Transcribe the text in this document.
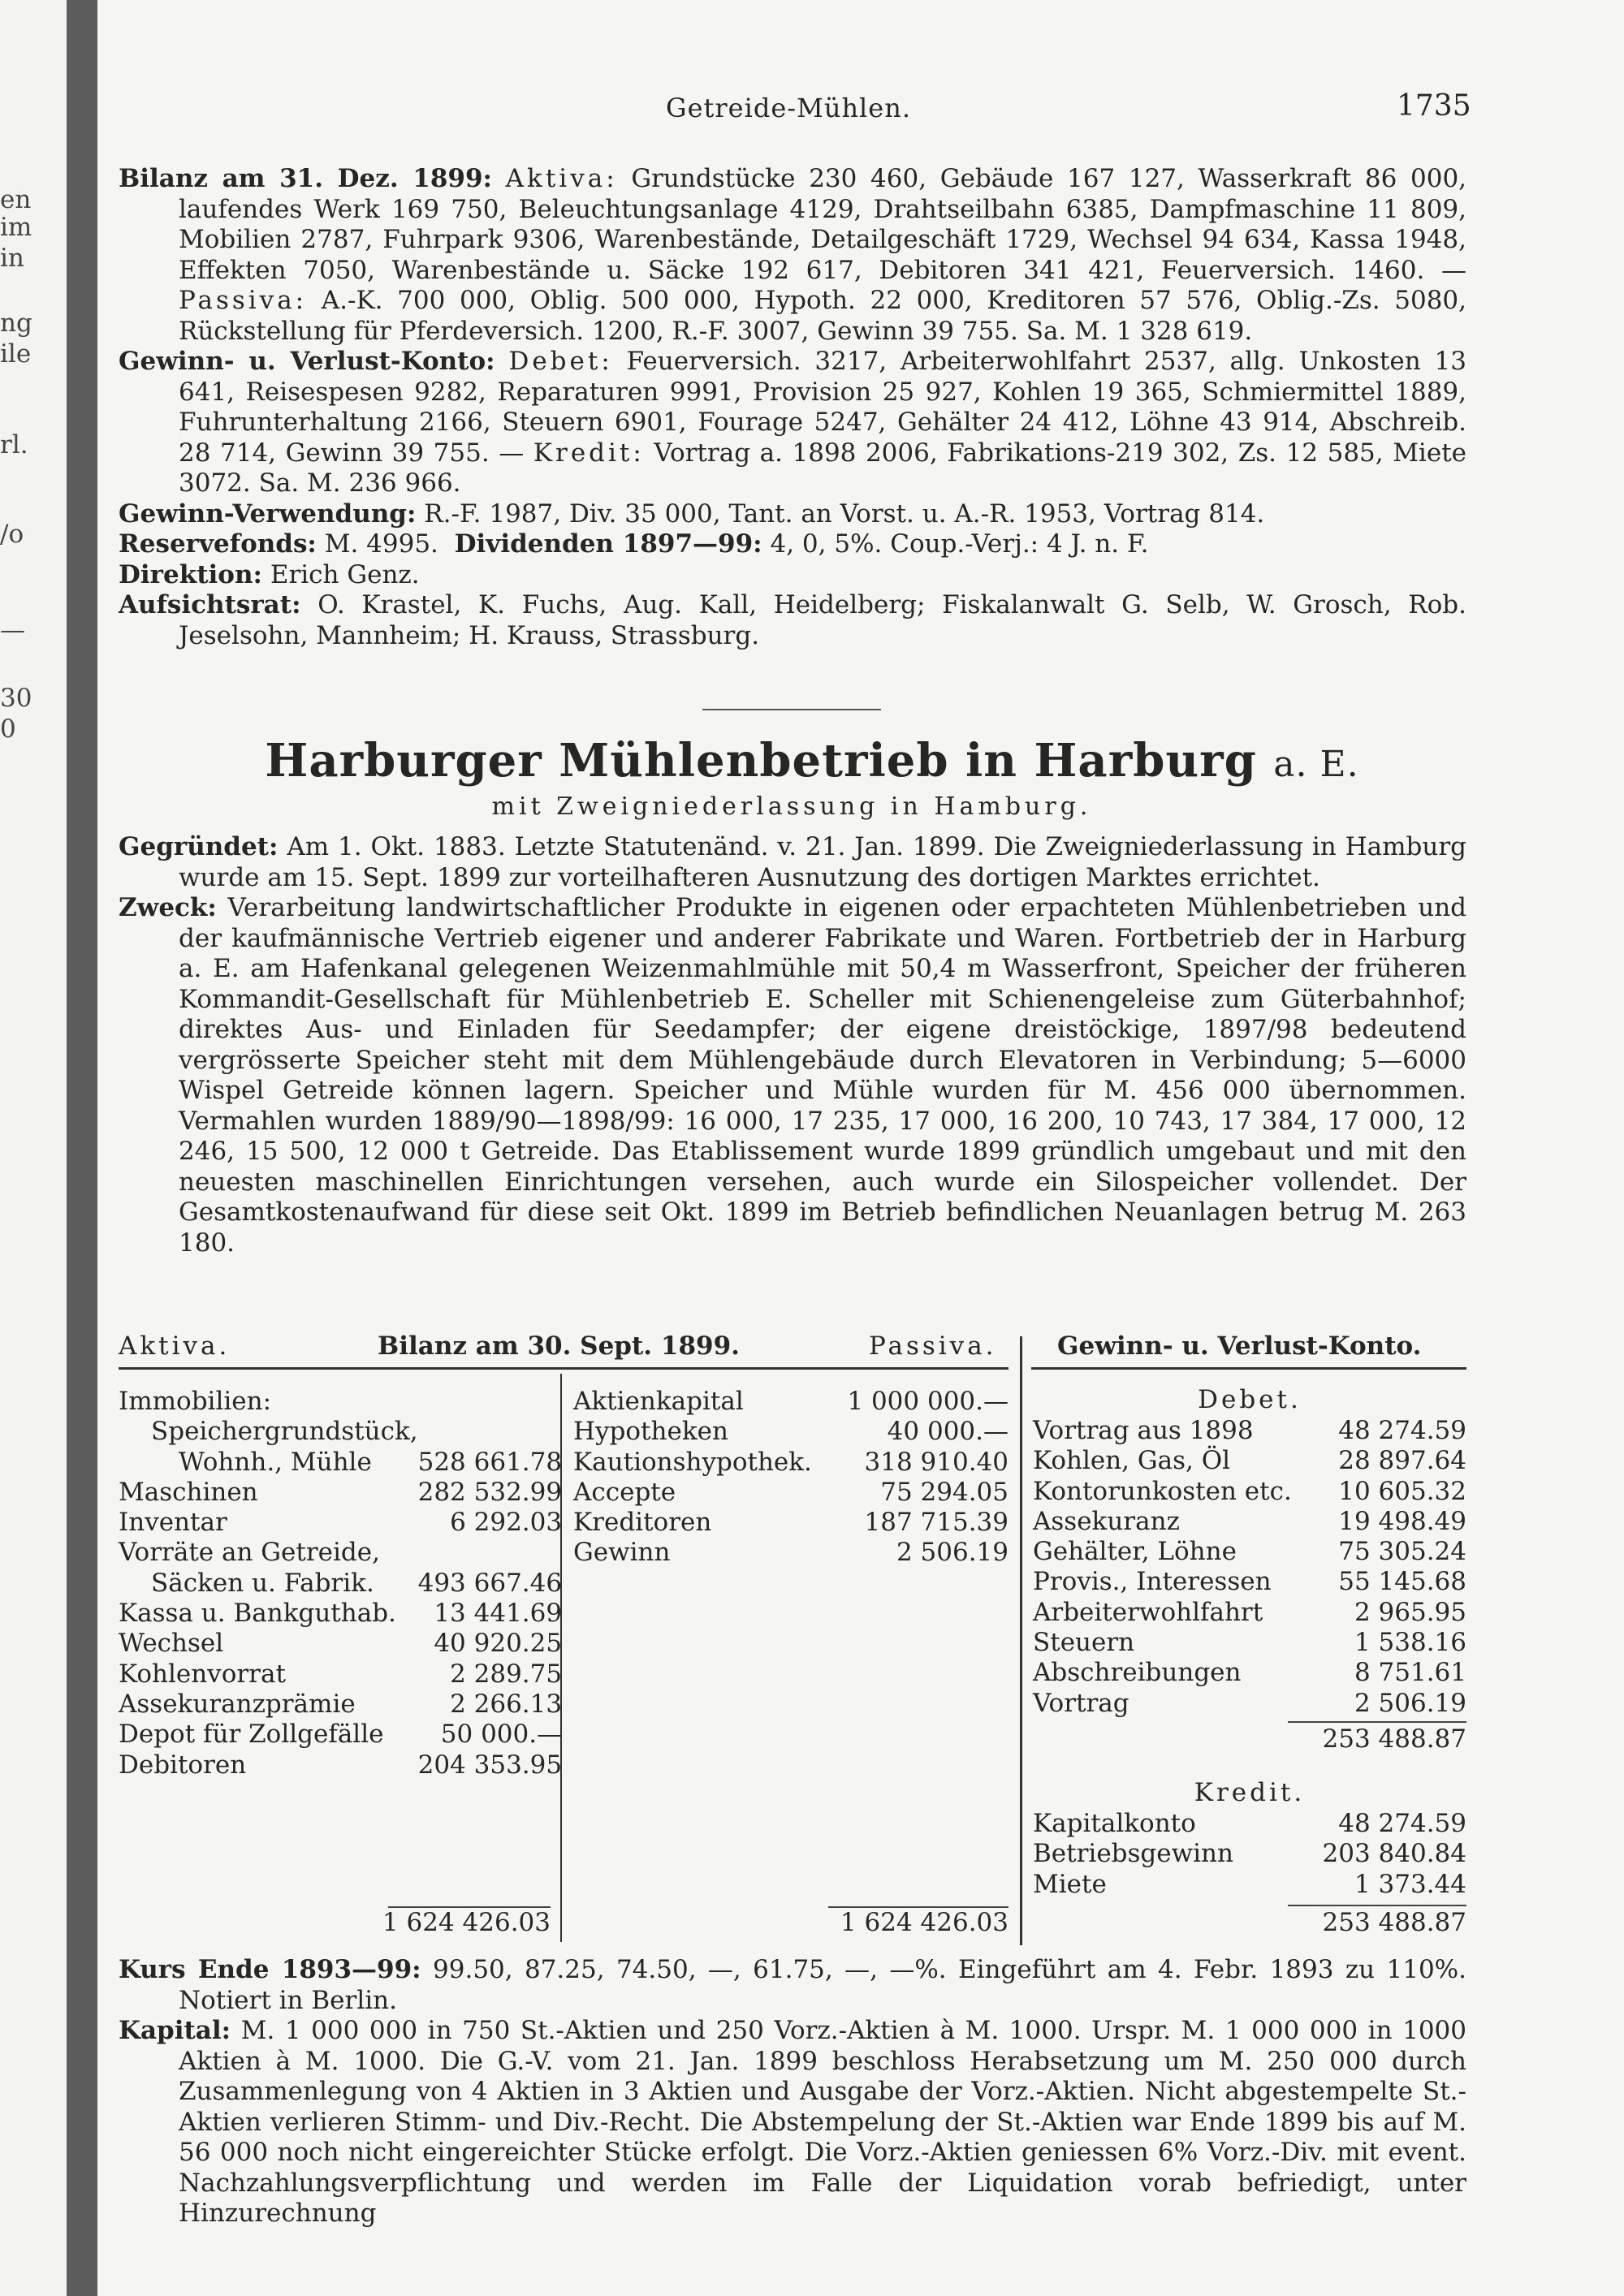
en
im
in
ng
ile
rl.
/o
—
30
0
Getreide-Mühlen.	1735

Bilanz am 31. Dez. 1899: Aktiva: Grundstücke 230 460, Gebäude 167 127, Wasserkraft 86 000, laufendes Werk 169 750, Beleuchtungsanlage 4129, Drahtseilbahn 6385, Dampfmaschine 11 809, Mobilien 2787, Fuhrpark 9306, Warenbestände, Detailgeschäft 1729, Wechsel 94 634, Kassa 1948, Effekten 7050, Warenbestände u. Säcke 192 617, Debitoren 341 421, Feuerversich. 1460. — Passiva: A.-K. 700 000, Oblig. 500 000, Hypoth. 22 000, Kreditoren 57 576, Oblig.-Zs. 5080, Rückstellung für Pferdeversich. 1200, R.-F. 3007, Gewinn 39 755. Sa. M. 1 328 619.

Gewinn- u. Verlust-Konto: Debet: Feuerversich. 3217, Arbeiterwohlfahrt 2537, allg. Unkosten 13 641, Reisespesen 9282, Reparaturen 9991, Provision 25 927, Kohlen 19 365, Schmiermittel 1889, Fuhrunterhaltung 2166, Steuern 6901, Fourage 5247, Gehälter 24 412, Löhne 43 914, Abschreib. 28 714, Gewinn 39 755. — Kredit: Vortrag a. 1898 2006, Fabrikations-219 302, Zs. 12 585, Miete 3072. Sa. M. 236 966.

Gewinn-Verwendung: R.-F. 1987, Div. 35 000, Tant. an Vorst. u. A.-R. 1953, Vortrag 814.

Reservefonds: M. 4995. Dividenden 1897—99: 4, 0, 5%. Coup.-Verj.: 4 J. n. F.

Direktion: Erich Genz.

Aufsichtsrat: O. Krastel, K. Fuchs, Aug. Kall, Heidelberg; Fiskalanwalt G. Selb, W. Grosch, Rob. Jeselsohn, Mannheim; H. Krauss, Strassburg.

Harburger Mühlenbetrieb in Harburg a. E.
mit Zweigniederlassung in Hamburg.

Gegründet: Am 1. Okt. 1883. Letzte Statutenänd. v. 21. Jan. 1899. Die Zweigniederlassung in Hamburg wurde am 15. Sept. 1899 zur vorteilhafteren Ausnutzung des dortigen Marktes errichtet.

Zweck: Verarbeitung landwirtschaftlicher Produkte in eigenen oder erpachteten Mühlenbetrieben und der kaufmännische Vertrieb eigener und anderer Fabrikate und Waren. Fortbetrieb der in Harburg a. E. am Hafenkanal gelegenen Weizenmahlmühle mit 50,4 m Wasserfront, Speicher der früheren Kommandit-Gesellschaft für Mühlenbetrieb E. Scheller mit Schienengeleise zum Güterbahnhof; direktes Aus- und Einladen für Seedampfer; der eigene dreistöckige, 1897/98 bedeutend vergrösserte Speicher steht mit dem Mühlengebäude durch Elevatoren in Verbindung; 5—6000 Wispel Getreide können lagern. Speicher und Mühle wurden für M. 456 000 übernommen. Vermahlen wurden 1889/90—1898/99: 16 000, 17 235, 17 000, 16 200, 10 743, 17 384, 17 000, 12 246, 15 500, 12 000 t Getreide. Das Etablissement wurde 1899 gründlich umgebaut und mit den neuesten maschinellen Einrichtungen versehen, auch wurde ein Silospeicher vollendet. Der Gesamtkostenaufwand für diese seit Okt. 1899 im Betrieb befindlichen Neuanlagen betrug M. 263 180.

Aktiva.	Bilanz am 30. Sept. 1899.	Passiva. Gewinn- u. Verlust-Konto.
Immobilien:	
Speichergrundstück,	
Wohnh., Mühle	528 661.78
Maschinen	282 532.99
Inventar	6 292.03
Vorräte an Getreide,	
Säcken u. Fabrik.	493 667.46
Kassa u. Bankguthab.	13 441.69
Wechsel	40 920.25
Kohlenvorrat	2 289.75
Assekuranzprämie	2 266.13
Depot für Zollgefälle	50 000.—
Debitoren	204 353.95
Aktienkapital	1 000 000.—
Hypotheken	40 000.—
Kautionshypothek.	318 910.40
Accepte	75 294.05
Kreditoren	187 715.39
Gewinn	2 506.19
1 624 426.03	1 624 426.03
Debet.
Vortrag aus 1898	48 274.59
Kohlen, Gas, Öl	28 897.64
Kontorunkosten etc.	10 605.32
Assekuranz	19 498.49
Gehälter, Löhne	75 305.24
Provis., Interessen	55 145.68
Arbeiterwohlfahrt	2 965.95
Steuern	1 538.16
Abschreibungen	8 751.61
Vortrag	2 506.19
253 488.87
Kredit.
Kapitalkonto	48 274.59
Betriebsgewinn	203 840.84
Miete	1 373.44
253 488.87

Kurs Ende 1893—99: 99.50, 87.25, 74.50, —, 61.75, —, —%. Eingeführt am 4. Febr. 1893 zu 110%. Notiert in Berlin.

Kapital: M. 1 000 000 in 750 St.-Aktien und 250 Vorz.-Aktien à M. 1000. Urspr. M. 1 000 000 in 1000 Aktien à M. 1000. Die G.-V. vom 21. Jan. 1899 beschloss Herabsetzung um M. 250 000 durch Zusammenlegung von 4 Aktien in 3 Aktien und Ausgabe der Vorz.-Aktien. Nicht abgestempelte St.-Aktien verlieren Stimm- und Div.-Recht. Die Abstempelung der St.-Aktien war Ende 1899 bis auf M. 56 000 noch nicht eingereichter Stücke erfolgt. Die Vorz.-Aktien geniessen 6% Vorz.-Div. mit event. Nachzahlungsverpflichtung und werden im Falle der Liquidation vorab befriedigt, unter Hinzurechnung
